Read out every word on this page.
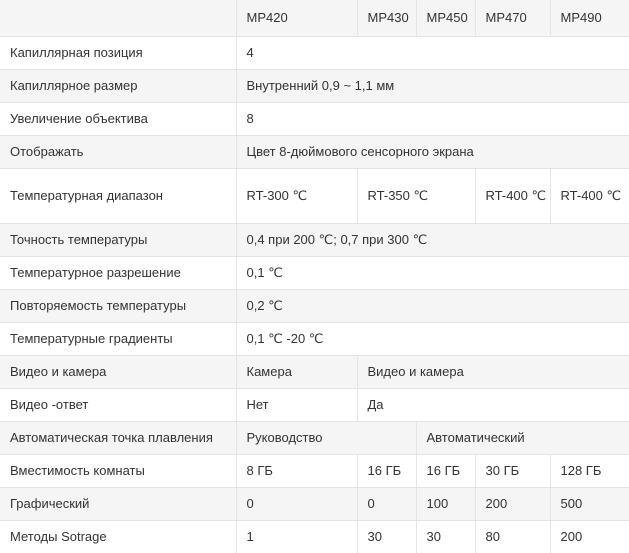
	MP420	MP430	MP450	MP470	MP490
Капиллярная позиция	4				
Капиллярное размер	Внутренний 0,9 ~ 1,1 мм				
Увеличение объектива	8				
Отображать	Цвет 8-дюймового сенсорного экрана				
Температурная диапазон	RT-300 ℃	RT-350 ℃		RT-400 ℃	RT-400 ℃
Точность температуры	0,4 при 200 ℃; 0,7 при 300 ℃				
Температурное разрешение	0,1 ℃				
Повторяемость температуры	0,2 ℃				
Температурные градиенты	0,1 ℃ -20 ℃				
Видео и камера	Камера	Видео и камера			
Видео -ответ	Нет	Да			
Автоматическая точка плавления	Руководство		Автоматический		
Вместимость комнаты	8 ГБ	16 ГБ	16 ГБ	30 ГБ	128 ГБ
Графический	0	0	100	200	500
Методы Sotrage	1	30	30	80	200
